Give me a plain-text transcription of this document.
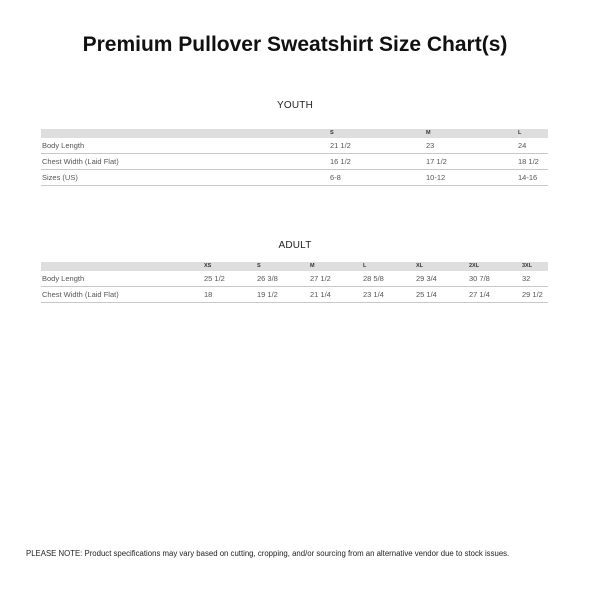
Premium Pullover Sweatshirt Size Chart(s)
YOUTH
	S	M	L
Body Length	21 1/2	23	24
Chest Width (Laid Flat)	16 1/2	17 1/2	18 1/2
Sizes (US)	6-8	10-12	14-16
ADULT
	XS	S	M	L	XL	2XL	3XL
Body Length	25 1/2	26 3/8	27 1/2	28 5/8	29 3/4	30 7/8	32
Chest Width (Laid Flat)	18	19 1/2	21 1/4	23 1/4	25 1/4	27 1/4	29 1/2
PLEASE NOTE: Product specifications may vary based on cutting, cropping, and/or sourcing from an alternative vendor due to stock issues.
